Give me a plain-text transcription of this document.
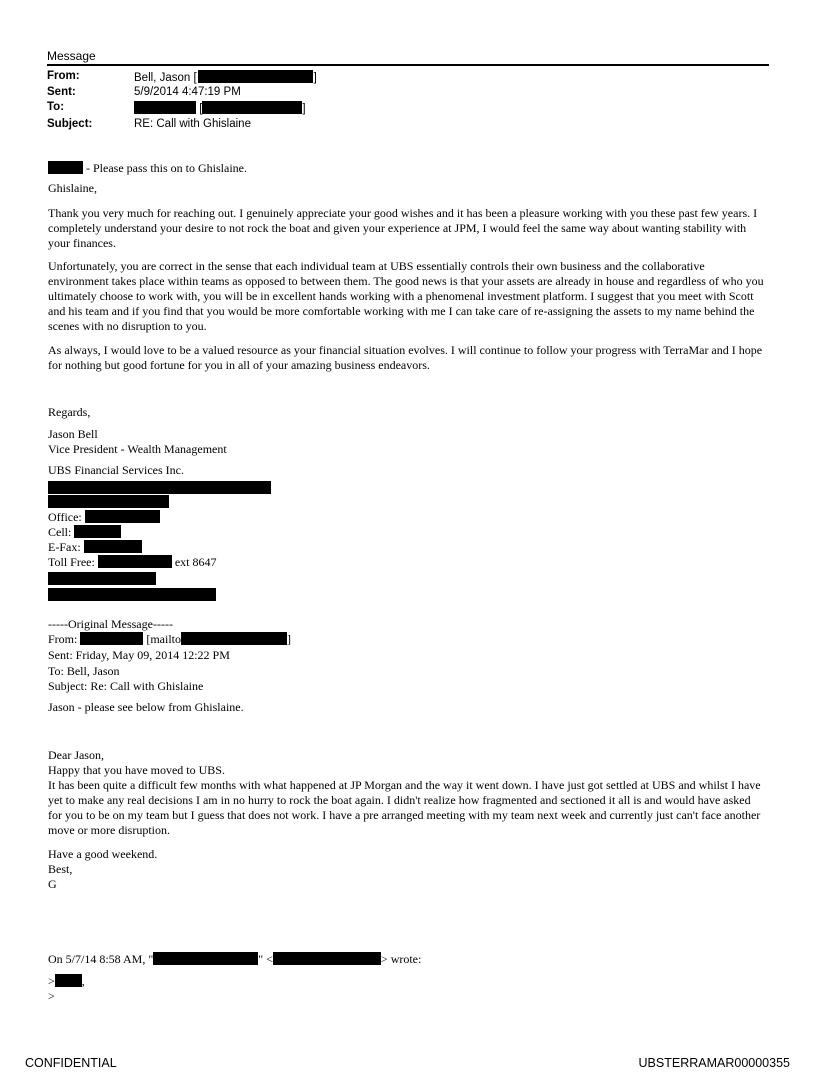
Message
From:	Bell, Jason [	]
Sent:	5/9/2014 4:47:19 PM
To:	[	]
Subject:	RE: Call with Ghislaine
- Please pass this on to Ghislaine.
Ghislaine,
Thank you very much for reaching out. I genuinely appreciate your good wishes and it has been a pleasure working with you these past few years. I completely understand your desire to not rock the boat and given your experience at JPM, I would feel the same way about wanting stability with your finances.
Unfortunately, you are correct in the sense that each individual team at UBS essentially controls their own business and the collaborative environment takes place within teams as opposed to between them. The good news is that your assets are already in house and regardless of who you ultimately choose to work with, you will be in excellent hands working with a phenomenal investment platform. I suggest that you meet with Scott and his team and if you find that you would be more comfortable working with me I can take care of re-assigning the assets to my name behind the scenes with no disruption to you.
As always, I would love to be a valued resource as your financial situation evolves. I will continue to follow your progress with TerraMar and I hope for nothing but good fortune for you in all of your amazing business endeavors.
Regards,
Jason Bell
Vice President - Wealth Management
UBS Financial Services Inc.
Office:
Cell:
E-Fax:
Toll Free:	ext 8647
-----Original Message-----
From:	[mailto	]
Sent: Friday, May 09, 2014 12:22 PM
To: Bell, Jason
Subject: Re: Call with Ghislaine
Jason - please see below from Ghislaine.
Dear Jason,
Happy that you have moved to UBS.
It has been quite a difficult few months with what happened at JP Morgan and the way it went down. I have just got settled at UBS and whilst I have yet to make any real decisions I am in no hurry to rock the boat again. I didn't realize how fragmented and sectioned it all is and would have asked for you to be on my team but I guess that does not work. I have a pre arranged meeting with my team next week and currently just can't face another move or more disruption.
Have a good weekend.
Best,
G
On 5/7/14 8:58 AM, "	" <	> wrote:
> ,
>
CONFIDENTIAL	UBSTERRAMAR00000355
